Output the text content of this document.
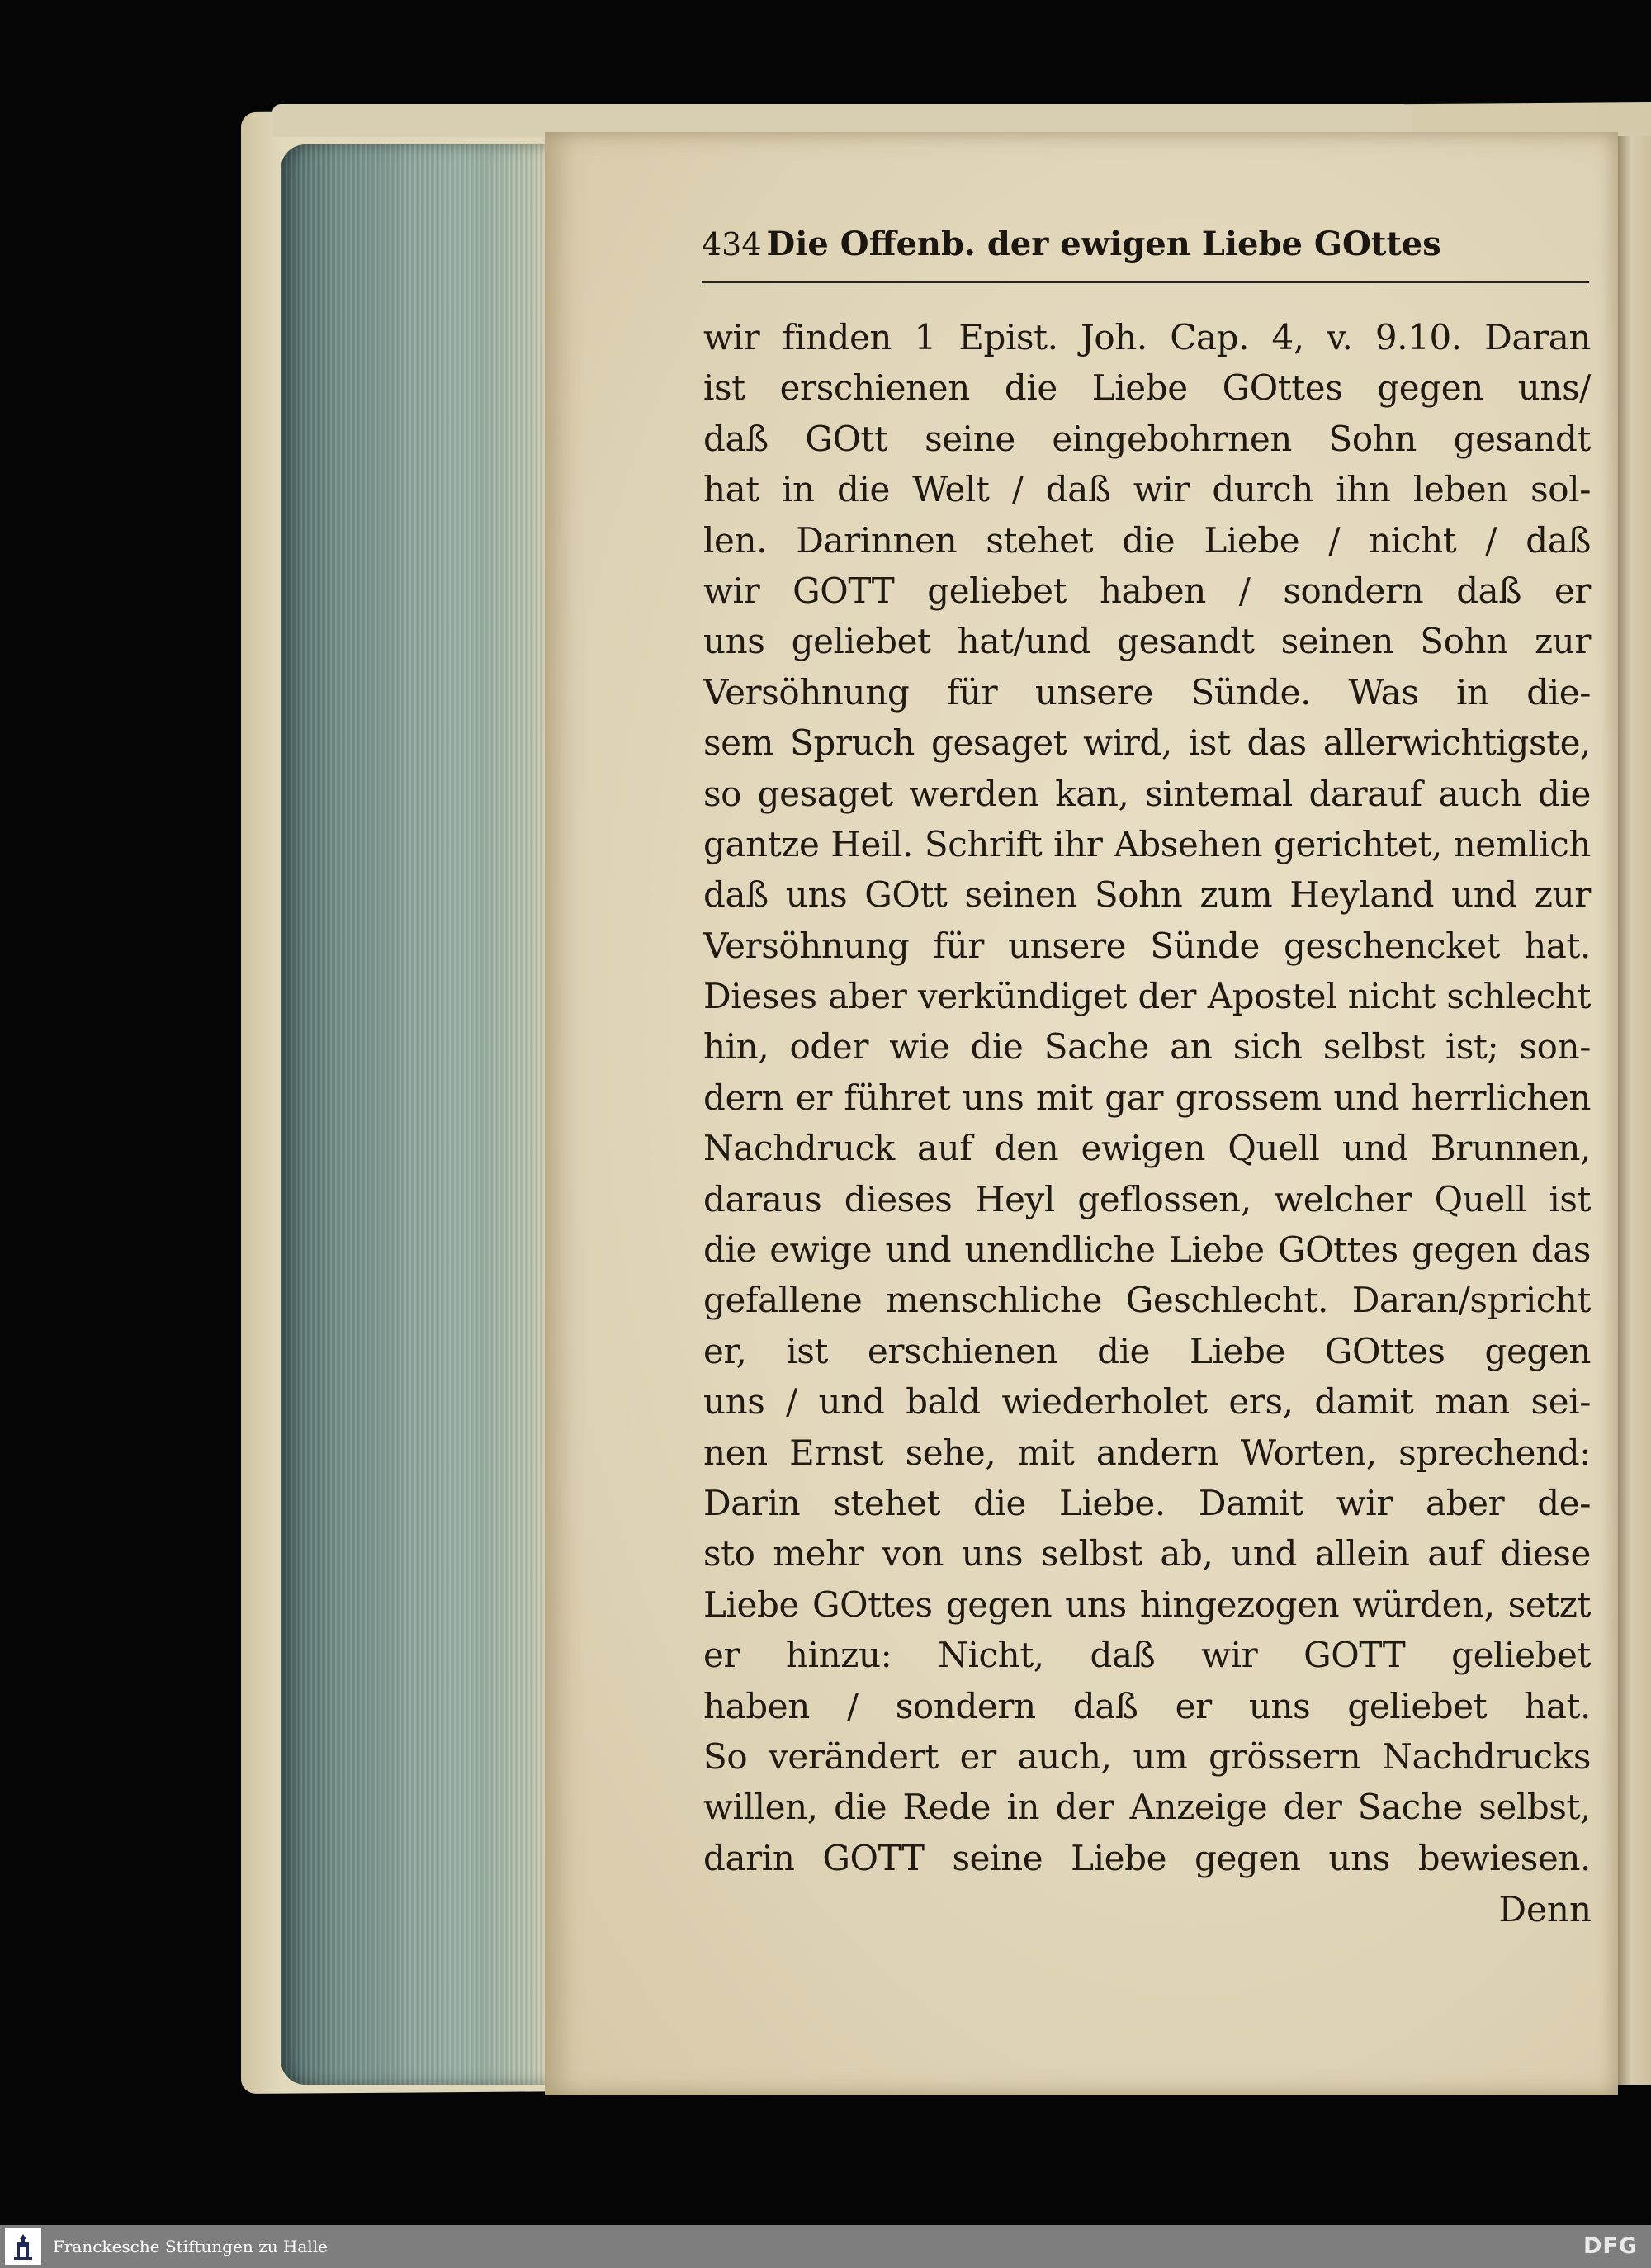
434 Die Offenb. der ewigen Liebe GOttes
wir finden 1 Epist. Joh. Cap. 4, v. 9.10. Daran
ist erschienen die Liebe GOttes gegen uns/
daß GOtt seine eingebohrnen Sohn gesandt
hat in die Welt / daß wir durch ihn leben sol-
len. Darinnen stehet die Liebe / nicht / daß
wir GOTT geliebet haben / sondern daß er
uns geliebet hat/und gesandt seinen Sohn zur
Versöhnung für unsere Sünde. Was in die-
sem Spruch gesaget wird, ist das allerwichtigste,
so gesaget werden kan, sintemal darauf auch die
gantze Heil. Schrift ihr Absehen gerichtet, nemlich
daß uns GOtt seinen Sohn zum Heyland und zur
Versöhnung für unsere Sünde geschencket hat.
Dieses aber verkündiget der Apostel nicht schlecht
hin, oder wie die Sache an sich selbst ist; son-
dern er führet uns mit gar grossem und herrlichen
Nachdruck auf den ewigen Quell und Brunnen,
daraus dieses Heyl geflossen, welcher Quell ist
die ewige und unendliche Liebe GOttes gegen das
gefallene menschliche Geschlecht. Daran/spricht
er, ist erschienen die Liebe GOttes gegen
uns / und bald wiederholet ers, damit man sei-
nen Ernst sehe, mit andern Worten, sprechend:
Darin stehet die Liebe. Damit wir aber de-
sto mehr von uns selbst ab, und allein auf diese
Liebe GOttes gegen uns hingezogen würden, setzt
er hinzu: Nicht, daß wir GOTT geliebet
haben / sondern daß er uns geliebet hat.
So verändert er auch, um grössern Nachdrucks
willen, die Rede in der Anzeige der Sache selbst,
darin GOTT seine Liebe gegen uns bewiesen.
Denn
Franckesche Stiftungen zu Halle	DFG
